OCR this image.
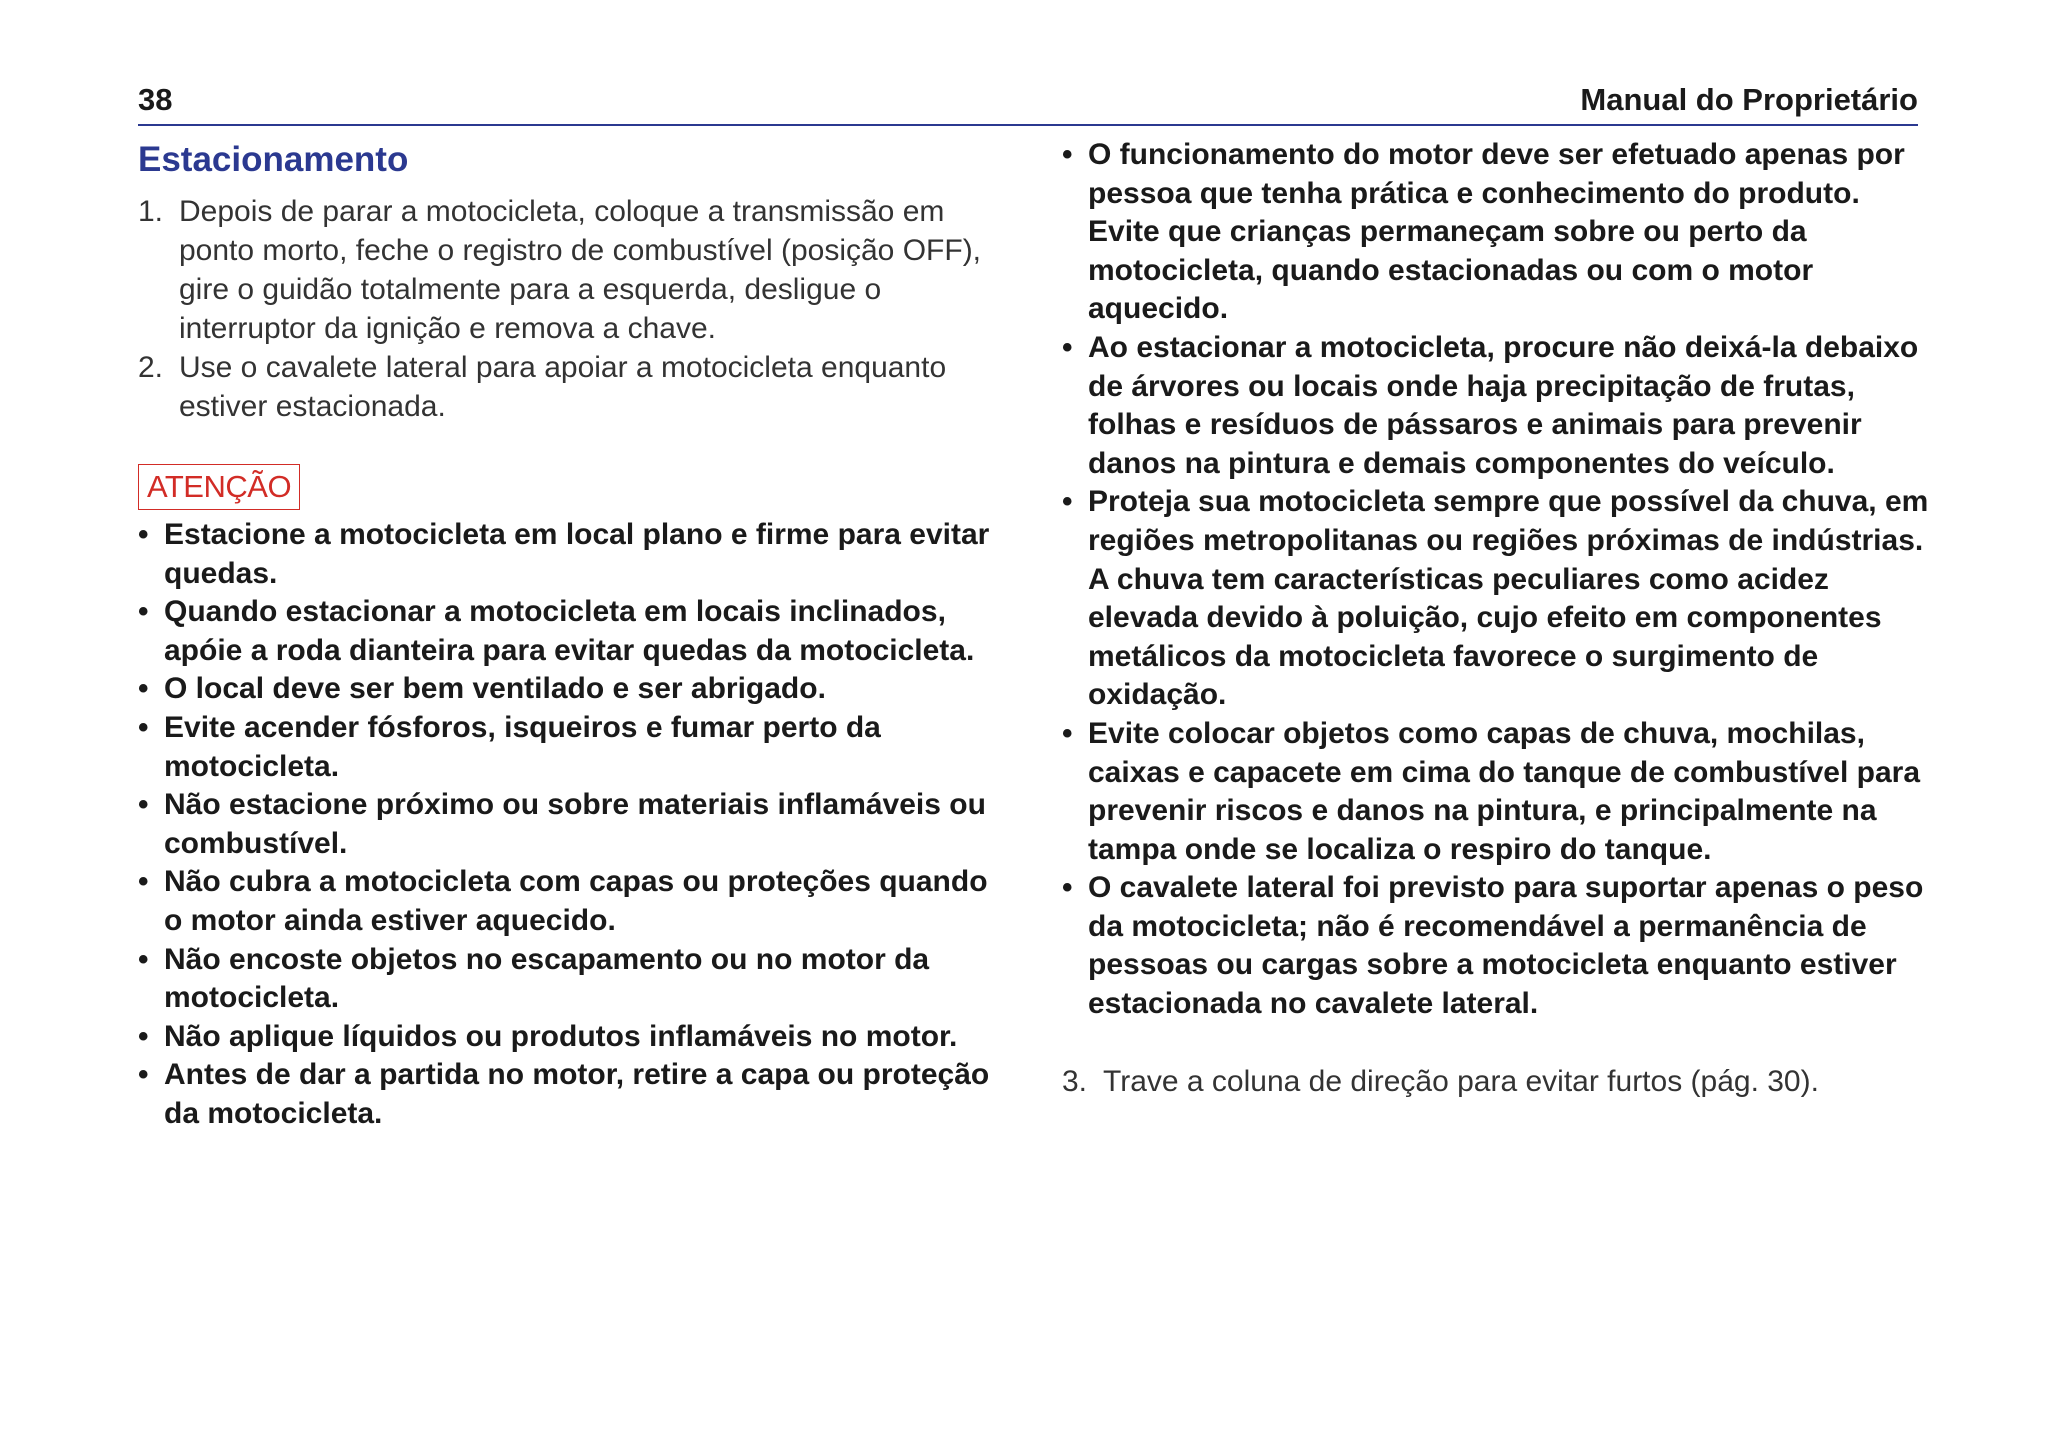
38	Manual do Proprietário
Estacionamento
1. Depois de parar a motocicleta, coloque a transmissão em ponto morto, feche o registro de combustível (posição OFF), gire o guidão totalmente para a esquerda, desligue o interruptor da ignição e remova a chave.
2. Use o cavalete lateral para apoiar a motocicleta enquanto estiver estacionada.
ATENÇÃO
• Estacione a motocicleta em local plano e firme para evitar quedas.
• Quando estacionar a motocicleta em locais inclinados, apóie a roda dianteira para evitar quedas da motocicleta.
• O local deve ser bem ventilado e ser abrigado.
• Evite acender fósforos, isqueiros e fumar perto da motocicleta.
• Não estacione próximo ou sobre materiais inflamáveis ou combustível.
• Não cubra a motocicleta com capas ou proteções quando o motor ainda estiver aquecido.
• Não encoste objetos no escapamento ou no motor da motocicleta.
• Não aplique líquidos ou produtos inflamáveis no motor.
• Antes de dar a partida no motor, retire a capa ou proteção da motocicleta.
• O funcionamento do motor deve ser efetuado apenas por pessoa que tenha prática e conhecimento do produto. Evite que crianças permaneçam sobre ou perto da motocicleta, quando estacionadas ou com o motor aquecido.
• Ao estacionar a motocicleta, procure não deixá-la debaixo de árvores ou locais onde haja precipitação de frutas, folhas e resíduos de pássaros e animais para prevenir danos na pintura e demais componentes do veículo.
• Proteja sua motocicleta sempre que possível da chuva, em regiões metropolitanas ou regiões próximas de indústrias. A chuva tem características peculiares como acidez elevada devido à poluição, cujo efeito em componentes metálicos da motocicleta favorece o surgimento de oxidação.
• Evite colocar objetos como capas de chuva, mochilas, caixas e capacete em cima do tanque de combustível para prevenir riscos e danos na pintura, e principalmente na tampa onde se localiza o respiro do tanque.
• O cavalete lateral foi previsto para suportar apenas o peso da motocicleta; não é recomendável a permanência de pessoas ou cargas sobre a motocicleta enquanto estiver estacionada no cavalete lateral.
3. Trave a coluna de direção para evitar furtos (pág. 30).
